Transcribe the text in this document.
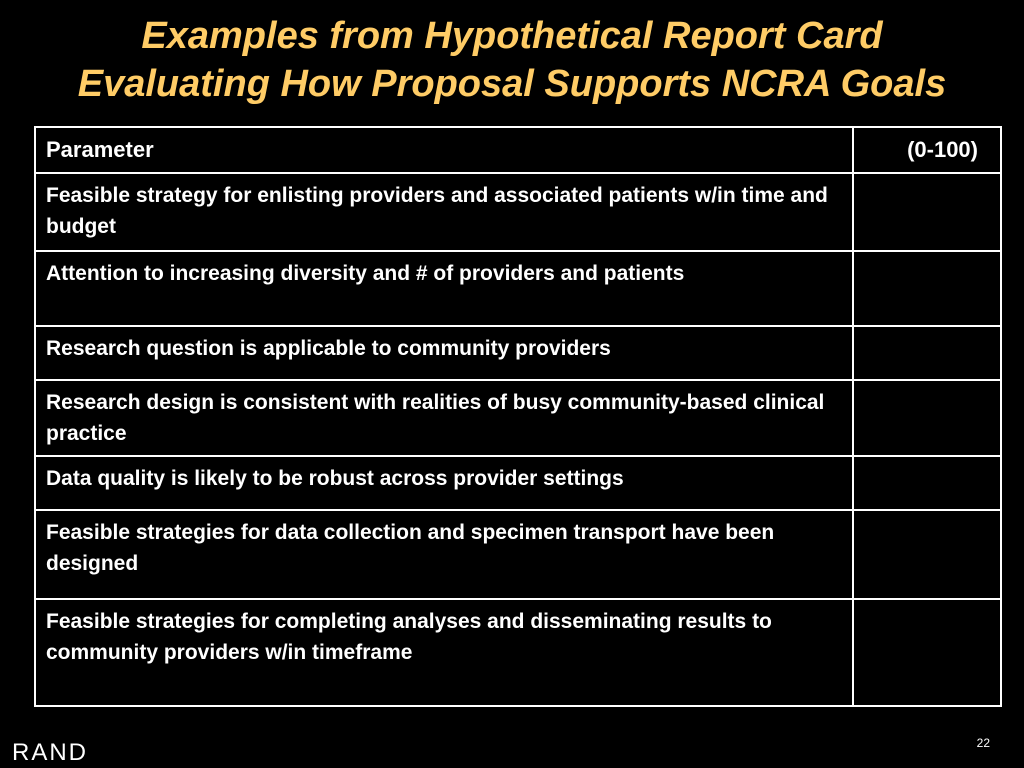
Examples from Hypothetical Report Card
Evaluating How Proposal Supports NCRA Goals
Parameter	(0-100)
Feasible strategy for enlisting providers and associated patients w/in time and budget	
Attention to increasing diversity and # of providers and patients	
Research question is applicable to community providers	
Research design is consistent with realities of busy community-based clinical practice	
Data quality is likely to be robust across provider settings	
Feasible strategies for data collection and specimen transport have been designed	
Feasible strategies for completing analyses and disseminating results to community providers w/in timeframe	
RAND	22
